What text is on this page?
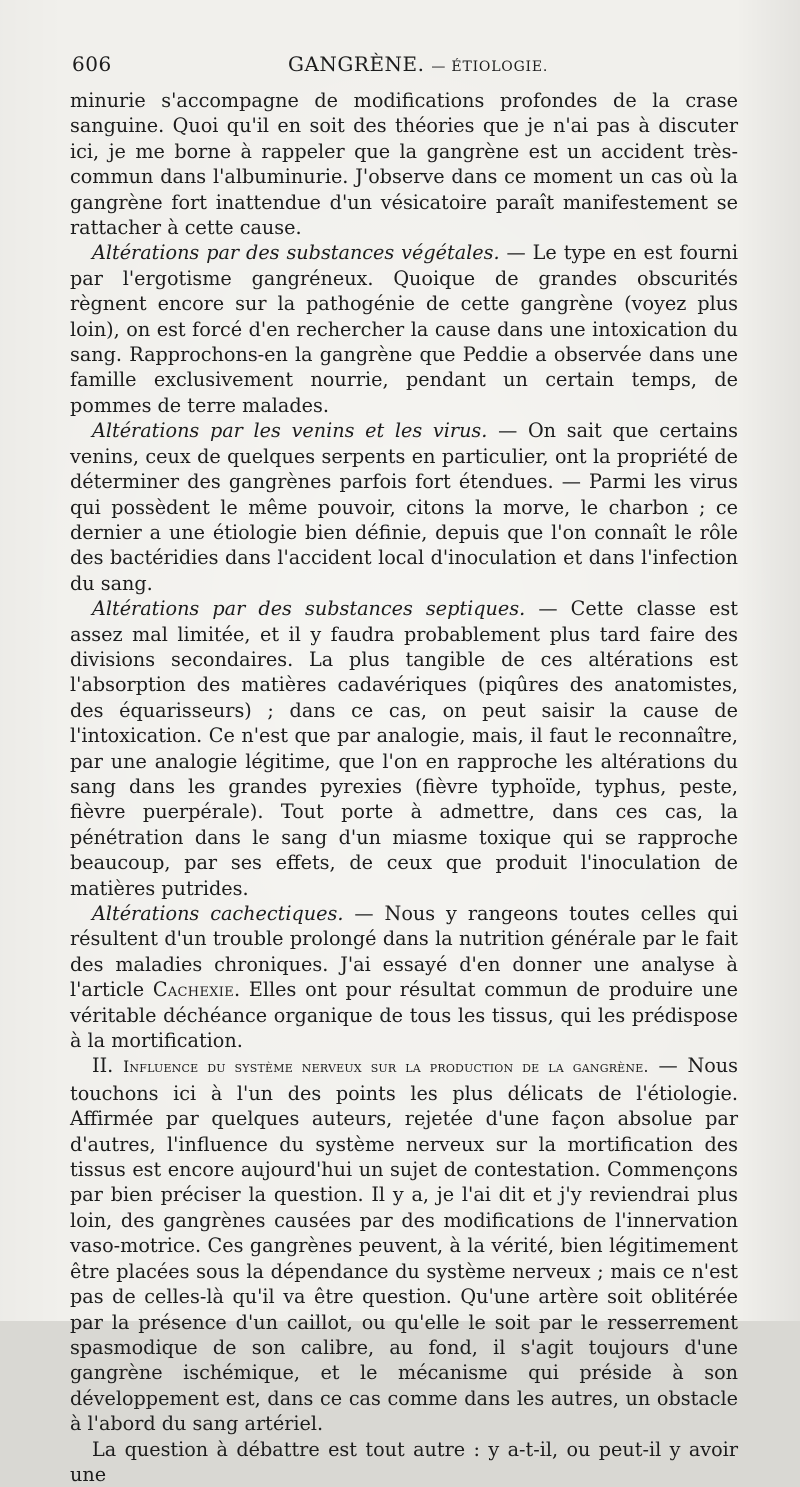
606	GANGRÈNE. — ÉTIOLOGIE.

minurie s'accompagne de modifications profondes de la crase sanguine. Quoi qu'il en soit des théories que je n'ai pas à discuter ici, je me borne à rappeler que la gangrène est un accident très-commun dans l'albuminurie. J'observe dans ce moment un cas où la gangrène fort inattendue d'un vésicatoire paraît manifestement se rattacher à cette cause.

Altérations par des substances végétales. — Le type en est fourni par l'ergotisme gangréneux. Quoique de grandes obscurités règnent encore sur la pathogénie de cette gangrène (voyez plus loin), on est forcé d'en rechercher la cause dans une intoxication du sang. Rapprochons-en la gangrène que Peddie a observée dans une famille exclusivement nourrie, pendant un certain temps, de pommes de terre malades.

Altérations par les venins et les virus. — On sait que certains venins, ceux de quelques serpents en particulier, ont la propriété de déterminer des gangrènes parfois fort étendues. — Parmi les virus qui possèdent le même pouvoir, citons la morve, le charbon ; ce dernier a une étiologie bien définie, depuis que l'on connaît le rôle des bactéridies dans l'accident local d'inoculation et dans l'infection du sang.

Altérations par des substances septiques. — Cette classe est assez mal limitée, et il y faudra probablement plus tard faire des divisions secondaires. La plus tangible de ces altérations est l'absorption des matières cadavériques (piqûres des anatomistes, des équarisseurs) ; dans ce cas, on peut saisir la cause de l'intoxication. Ce n'est que par analogie, mais, il faut le reconnaître, par une analogie légitime, que l'on en rapproche les altérations du sang dans les grandes pyrexies (fièvre typhoïde, typhus, peste, fièvre puerpérale). Tout porte à admettre, dans ces cas, la pénétration dans le sang d'un miasme toxique qui se rapproche beaucoup, par ses effets, de ceux que produit l'inoculation de matières putrides.

Altérations cachectiques. — Nous y rangeons toutes celles qui résultent d'un trouble prolongé dans la nutrition générale par le fait des maladies chroniques. J'ai essayé d'en donner une analyse à l'article Cachexie. Elles ont pour résultat commun de produire une véritable déchéance organique de tous les tissus, qui les prédispose à la mortification.

II. Influence du système nerveux sur la production de la gangrène. — Nous touchons ici à l'un des points les plus délicats de l'étiologie. Affirmée par quelques auteurs, rejetée d'une façon absolue par d'autres, l'influence du système nerveux sur la mortification des tissus est encore aujourd'hui un sujet de contestation. Commençons par bien préciser la question. Il y a, je l'ai dit et j'y reviendrai plus loin, des gangrènes causées par des modifications de l'innervation vaso-motrice. Ces gangrènes peuvent, à la vérité, bien légitimement être placées sous la dépendance du système nerveux ; mais ce n'est pas de celles-là qu'il va être question. Qu'une artère soit oblitérée par la présence d'un caillot, ou qu'elle le soit par le resserrement spasmodique de son calibre, au fond, il s'agit toujours d'une gangrène ischémique, et le mécanisme qui préside à son développement est, dans ce cas comme dans les autres, un obstacle à l'abord du sang artériel.

La question à débattre est tout autre : y a-t-il, ou peut-il y avoir une
